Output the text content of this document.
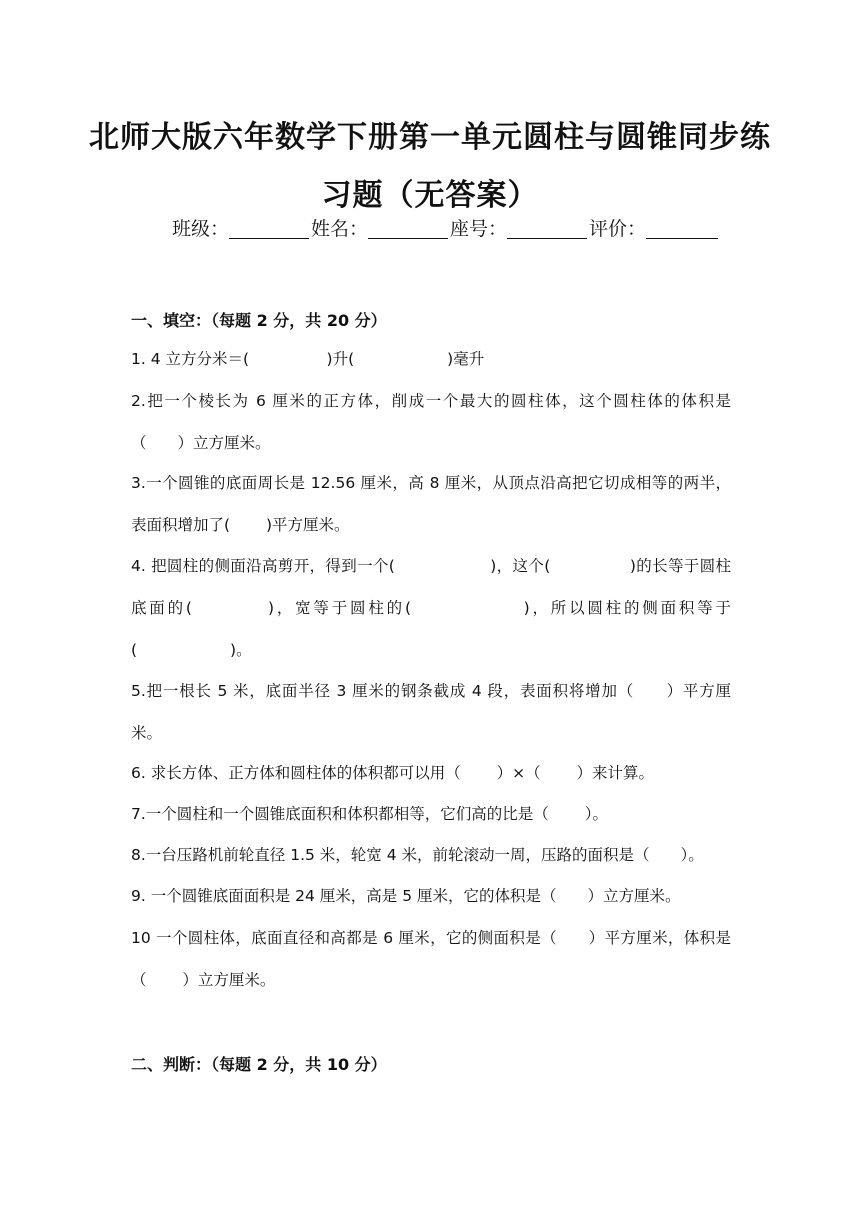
北师大版六年数学下册第一单元圆柱与圆锥同步练
习题（无答案）
班级：	姓名：	座号：	评价：
一、填空：（每题 2 分，共 20 分）
1. 4 立方分米＝(　　　　　)升(　　　　　　)毫升
2.把一个棱长为 6 厘米的正方体，削成一个最大的圆柱体，这个圆柱体的体积是（　　）立方厘米。
3.一个圆锥的底面周长是 12.56 厘米，高 8 厘米，从顶点沿高把它切成相等的两半，表面积增加了(　　 )平方厘米。
4. 把圆柱的侧面沿高剪开，得到一个(　　　　　　)，这个(　　　　　)的长等于圆柱底面的(　　　　)，宽等于圆柱的(　　　　　　)，所以圆柱的侧面积等于(　　　　　　)。
5.把一根长 5 米，底面半径 3 厘米的钢条截成 4 段，表面积将增加（　　）平方厘米。
6. 求长方体、正方体和圆柱体的体积都可以用（　　 ）×（　　 ）来计算。
7.一个圆柱和一个圆锥底面积和体积都相等，它们高的比是（　　 ）。
8.一台压路机前轮直径 1.5 米，轮宽 4 米，前轮滚动一周，压路的面积是（　　）。
9. 一个圆锥底面面积是 24 厘米，高是 5 厘米，它的体积是（　　）立方厘米。
10 一个圆柱体，底面直径和高都是 6 厘米，它的侧面积是（　　）平方厘米，体积是（　　 ）立方厘米。
二、判断：（每题 2 分，共 10 分）
